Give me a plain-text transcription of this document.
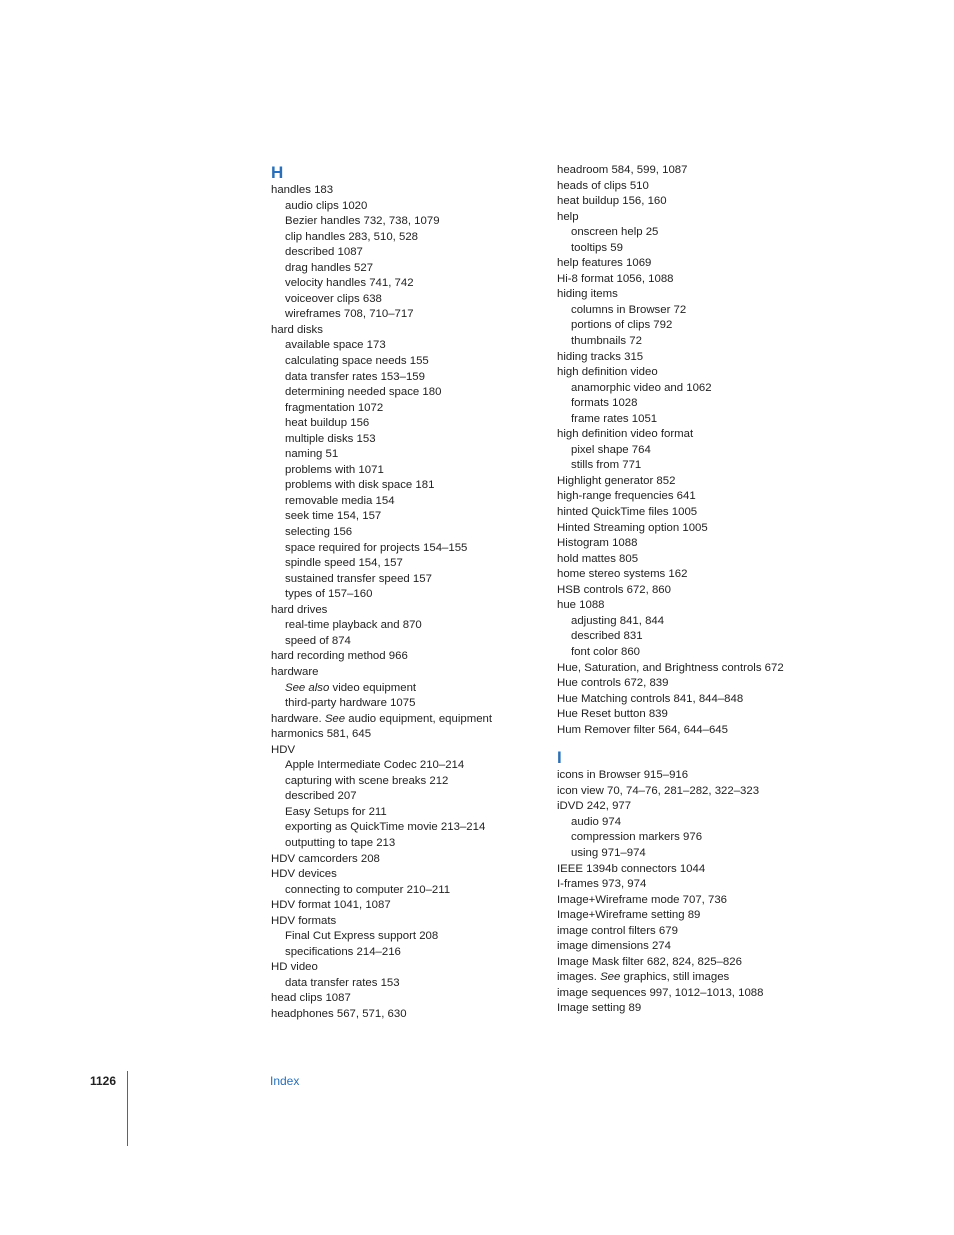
H
handles 183
audio clips 1020
Bezier handles 732, 738, 1079
clip handles 283, 510, 528
described 1087
drag handles 527
velocity handles 741, 742
voiceover clips 638
wireframes 708, 710–717
hard disks
available space 173
calculating space needs 155
data transfer rates 153–159
determining needed space 180
fragmentation 1072
heat buildup 156
multiple disks 153
naming 51
problems with 1071
problems with disk space 181
removable media 154
seek time 154, 157
selecting 156
space required for projects 154–155
spindle speed 154, 157
sustained transfer speed 157
types of 157–160
hard drives
real-time playback and 870
speed of 874
hard recording method 966
hardware
See also video equipment
third-party hardware 1075
hardware. See audio equipment, equipment
harmonics 581, 645
HDV
Apple Intermediate Codec 210–214
capturing with scene breaks 212
described 207
Easy Setups for 211
exporting as QuickTime movie 213–214
outputting to tape 213
HDV camcorders 208
HDV devices
connecting to computer 210–211
HDV format 1041, 1087
HDV formats
Final Cut Express support 208
specifications 214–216
HD video
data transfer rates 153
head clips 1087
headphones 567, 571, 630
headroom 584, 599, 1087
heads of clips 510
heat buildup 156, 160
help
onscreen help 25
tooltips 59
help features 1069
Hi-8 format 1056, 1088
hiding items
columns in Browser 72
portions of clips 792
thumbnails 72
hiding tracks 315
high definition video
anamorphic video and 1062
formats 1028
frame rates 1051
high definition video format
pixel shape 764
stills from 771
Highlight generator 852
high-range frequencies 641
hinted QuickTime files 1005
Hinted Streaming option 1005
Histogram 1088
hold mattes 805
home stereo systems 162
HSB controls 672, 860
hue 1088
adjusting 841, 844
described 831
font color 860
Hue, Saturation, and Brightness controls 672
Hue controls 672, 839
Hue Matching controls 841, 844–848
Hue Reset button 839
Hum Remover filter 564, 644–645
I
icons in Browser 915–916
icon view 70, 74–76, 281–282, 322–323
iDVD 242, 977
audio 974
compression markers 976
using 971–974
IEEE 1394b connectors 1044
I-frames 973, 974
Image+Wireframe mode 707, 736
Image+Wireframe setting 89
image control filters 679
image dimensions 274
Image Mask filter 682, 824, 825–826
images. See graphics, still images
image sequences 997, 1012–1013, 1088
Image setting 89
1126	Index
